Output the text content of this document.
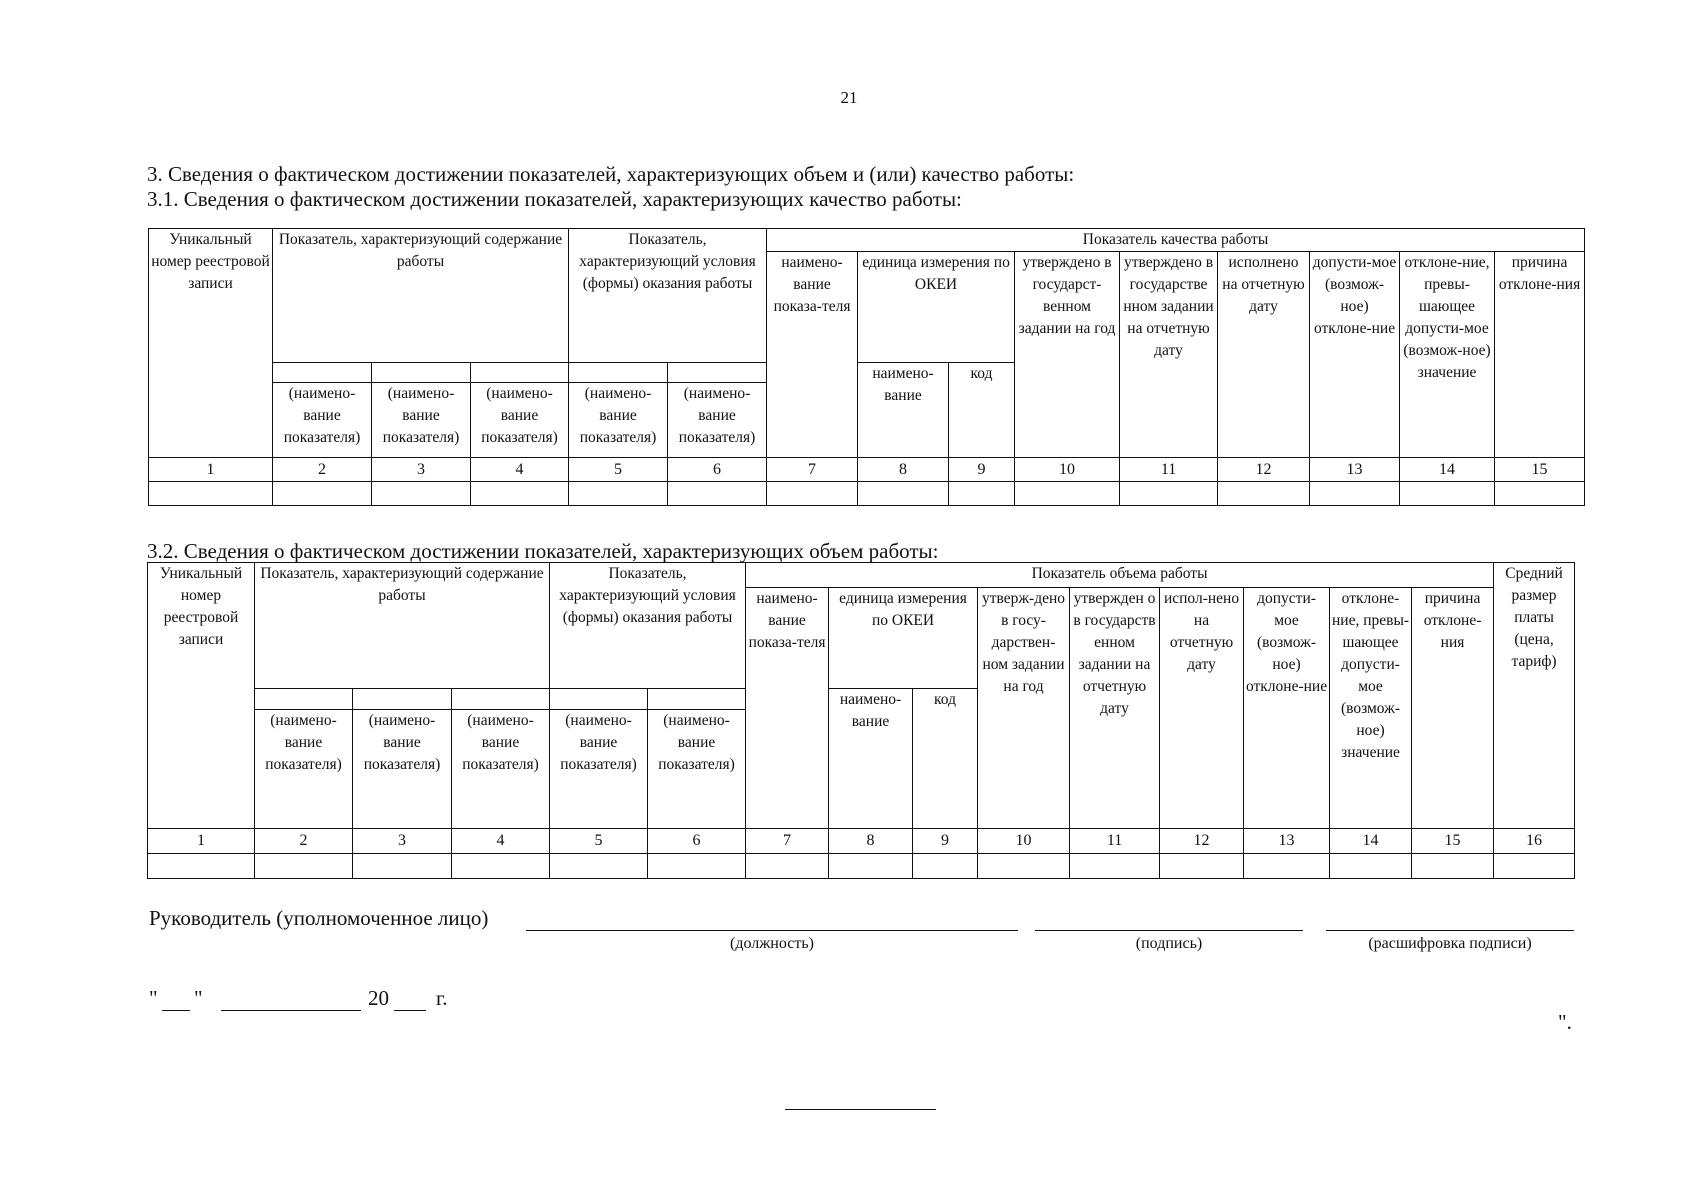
21
3. Сведения о фактическом достижении показателей, характеризующих объем и (или) качество работы:
3.1. Сведения о фактическом достижении показателей, характеризующих качество работы:
Уникальный номер реестровой записи	Показатель, характеризующий содержание работы			Показатель, характеризующий условия (формы) оказания работы		Показатель качества работы								
						наимено-вание показа-теля	единица измерения по ОКЕИ		утверждено в государст-венном задании на год	утверждено в государстве нном задании на отчетную дату	исполнено на отчетную дату	допусти-мое (возмож-ное) отклоне-ние	отклоне-ние, превы-шающее допусти-мое (возмож-ное) значение	причина отклоне-ния
							наимено-вание	код						
	(наимено-вание показателя)	(наимено-вание показателя)	(наимено-вание показателя)	(наимено-вание показателя)	(наимено-вание показателя)									
1	2	3	4	5	6	7	8	9	10	11	12	13	14	15

3.2. Сведения о фактическом достижении показателей, характеризующих объем работы:
Уникальный номер реестровой записи	Показатель, характеризующий содержание работы			Показатель, характеризующий условия (формы) оказания работы		Показатель объема работы									Средний размер платы (цена, тариф)
						наимено-вание показа-теля	единица измерения по ОКЕИ		утверж-дено в госу-дарствен-ном задании на год	утвержден о в государств енном задании на отчетную дату	испол-нено на отчетную дату	допусти-мое (возмож-ное) отклоне-ние	отклоне-ние, превы-шающее допусти-мое (возмож-ное) значение	причина отклоне-ния	
							наимено-вание	код							
	(наимено-вание показателя)	(наимено-вание показателя)	(наимено-вание показателя)	(наимено-вание показателя)	(наимено-вание показателя)										
1	2	3	4	5	6	7	8	9	10	11	12	13	14	15	16

Руководитель (уполномоченное лицо)
(должность)	(подпись)	(расшифровка подписи)
" "	20 г.
".
